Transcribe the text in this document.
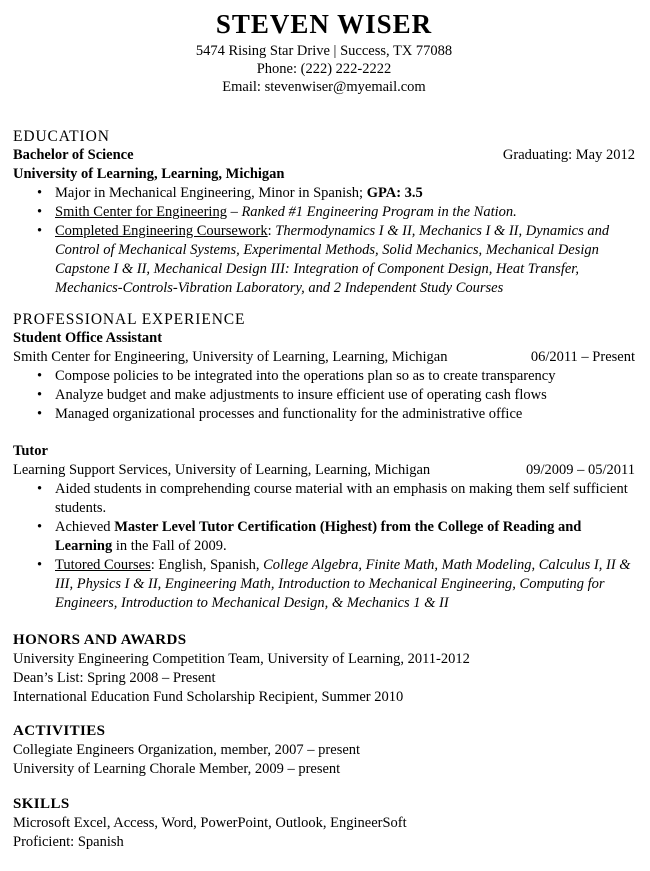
STEVEN WISER
5474 Rising Star Drive | Success, TX 77088
Phone: (222) 222-2222
Email: stevenwiser@myemail.com
EDUCATION
Bachelor of Science	Graduating: May 2012
University of Learning, Learning, Michigan
• Major in Mechanical Engineering, Minor in Spanish; GPA: 3.5
• Smith Center for Engineering – Ranked #1 Engineering Program in the Nation.
• Completed Engineering Coursework: Thermodynamics I & II, Mechanics I & II, Dynamics and Control of Mechanical Systems, Experimental Methods, Solid Mechanics, Mechanical Design Capstone I & II, Mechanical Design III: Integration of Component Design, Heat Transfer, Mechanics-Controls-Vibration Laboratory, and 2 Independent Study Courses
PROFESSIONAL EXPERIENCE
Student Office Assistant
Smith Center for Engineering, University of Learning, Learning, Michigan	06/2011 – Present
• Compose policies to be integrated into the operations plan so as to create transparency
• Analyze budget and make adjustments to insure efficient use of operating cash flows
• Managed organizational processes and functionality for the administrative office
Tutor
Learning Support Services, University of Learning, Learning, Michigan	09/2009 – 05/2011
• Aided students in comprehending course material with an emphasis on making them self sufficient students.
• Achieved Master Level Tutor Certification (Highest) from the College of Reading and Learning in the Fall of 2009.
• Tutored Courses: English, Spanish, College Algebra, Finite Math, Math Modeling, Calculus I, II & III, Physics I & II, Engineering Math, Introduction to Mechanical Engineering, Computing for Engineers, Introduction to Mechanical Design, & Mechanics 1 & II
HONORS AND AWARDS
University Engineering Competition Team, University of Learning, 2011-2012
Dean’s List: Spring 2008 – Present
International Education Fund Scholarship Recipient, Summer 2010
ACTIVITIES
Collegiate Engineers Organization, member, 2007 – present
University of Learning Chorale Member, 2009 – present
SKILLS
Microsoft Excel, Access, Word, PowerPoint, Outlook, EngineerSoft
Proficient: Spanish
